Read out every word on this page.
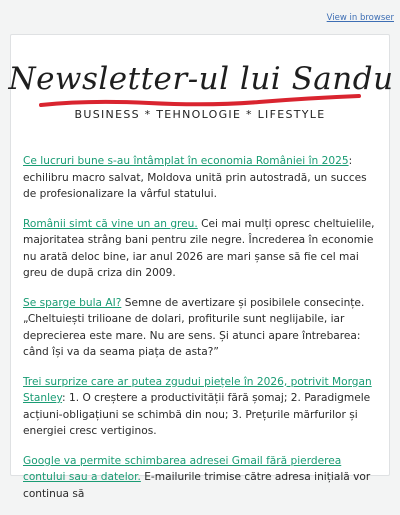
View in browser
Newsletter-ul lui Sandu
BUSINESS * TEHNOLOGIE * LIFESTYLE

Ce lucruri bune s-au întâmplat în economia României în 2025: echilibru macro salvat, Moldova unită prin autostradă, un succes de profesionalizare la vârful statului.

Românii simt că vine un an greu. Cei mai mulți opresc cheltuielile, majoritatea strâng bani pentru zile negre. Încrederea în economie nu arată deloc bine, iar anul 2026 are mari șanse să fie cel mai greu de după criza din 2009.

Se sparge bula AI? Semne de avertizare și posibilele consecințe. „Cheltuiești trilioane de dolari, profiturile sunt neglijabile, iar deprecierea este mare. Nu are sens. Și atunci apare întrebarea: când își va da seama piața de asta?”

Trei surprize care ar putea zgudui piețele în 2026, potrivit Morgan Stanley: 1. O creștere a productivității fără șomaj; 2. Paradigmele acțiuni-obligațiuni se schimbă din nou; 3. Prețurile mărfurilor și energiei cresc vertiginos.

Google va permite schimbarea adresei Gmail fără pierderea contului sau a datelor. E-mailurile trimise către adresa inițială vor continua să
